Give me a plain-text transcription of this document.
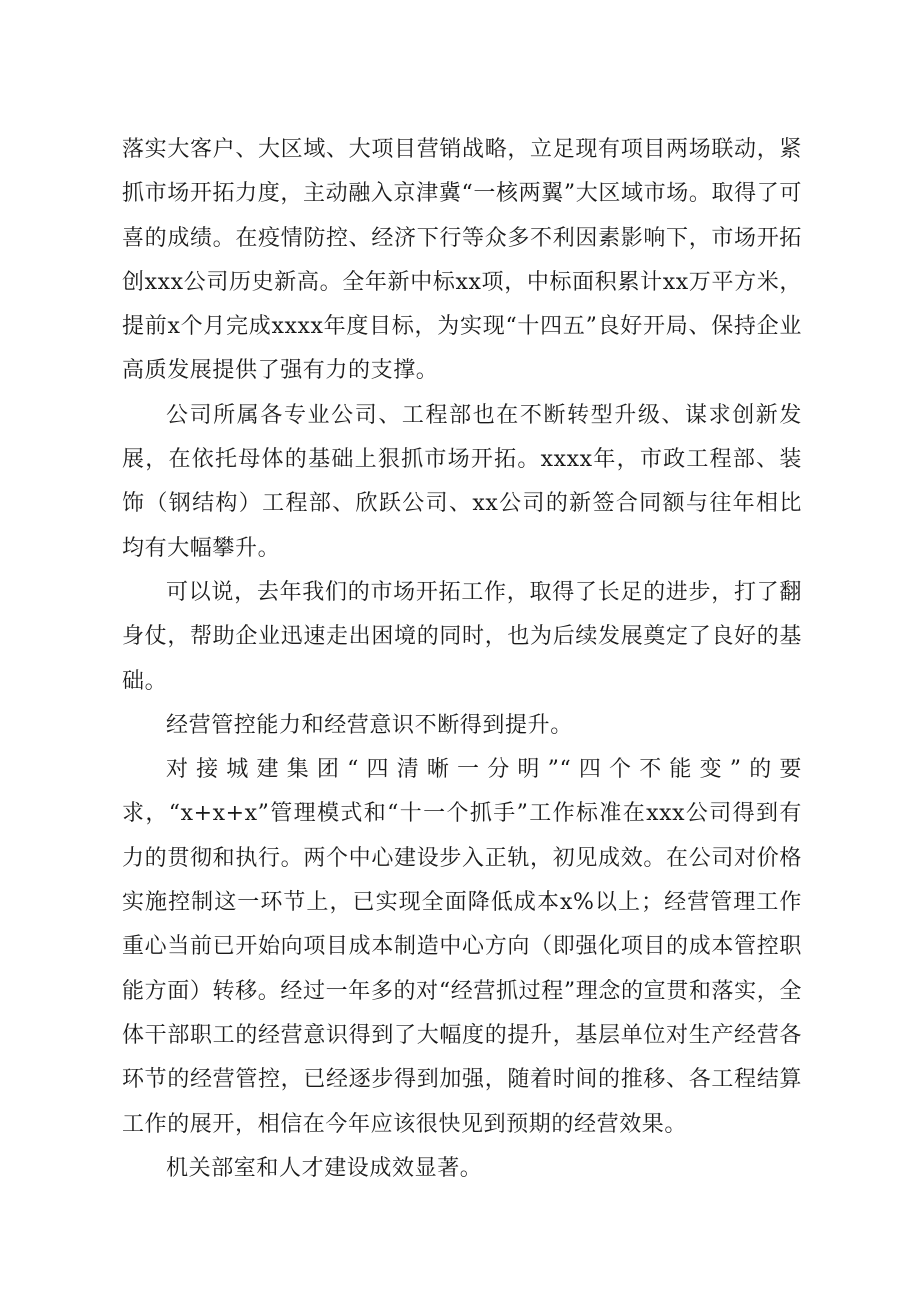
落实大客户、大区域、大项目营销战略，立足现有项目两场联动，紧抓市场开拓力度，主动融入京津冀“一核两翼”大区域市场。取得了可喜的成绩。在疫情防控、经济下行等众多不利因素影响下，市场开拓创xxx公司历史新高。全年新中标xx项，中标面积累计xx万平方米，提前x个月完成xxxx年度目标，为实现“十四五”良好开局、保持企业高质发展提供了强有力的支撑。

公司所属各专业公司、工程部也在不断转型升级、谋求创新发展，在依托母体的基础上狠抓市场开拓。xxxx年，市政工程部、装饰（钢结构）工程部、欣跃公司、xx公司的新签合同额与往年相比均有大幅攀升。

可以说，去年我们的市场开拓工作，取得了长足的进步，打了翻身仗，帮助企业迅速走出困境的同时，也为后续发展奠定了良好的基础。

经营管控能力和经营意识不断得到提升。

对接城建集团“四清晰一分明”“四个不能变”的要求，“x+x+x”管理模式和“十一个抓手”工作标准在xxx公司得到有力的贯彻和执行。两个中心建设步入正轨，初见成效。在公司对价格实施控制这一环节上，已实现全面降低成本x%以上；经营管理工作重心当前已开始向项目成本制造中心方向（即强化项目的成本管控职能方面）转移。经过一年多的对“经营抓过程”理念的宣贯和落实，全体干部职工的经营意识得到了大幅度的提升，基层单位对生产经营各环节的经营管控，已经逐步得到加强，随着时间的推移、各工程结算工作的展开，相信在今年应该很快见到预期的经营效果。

机关部室和人才建设成效显著。
